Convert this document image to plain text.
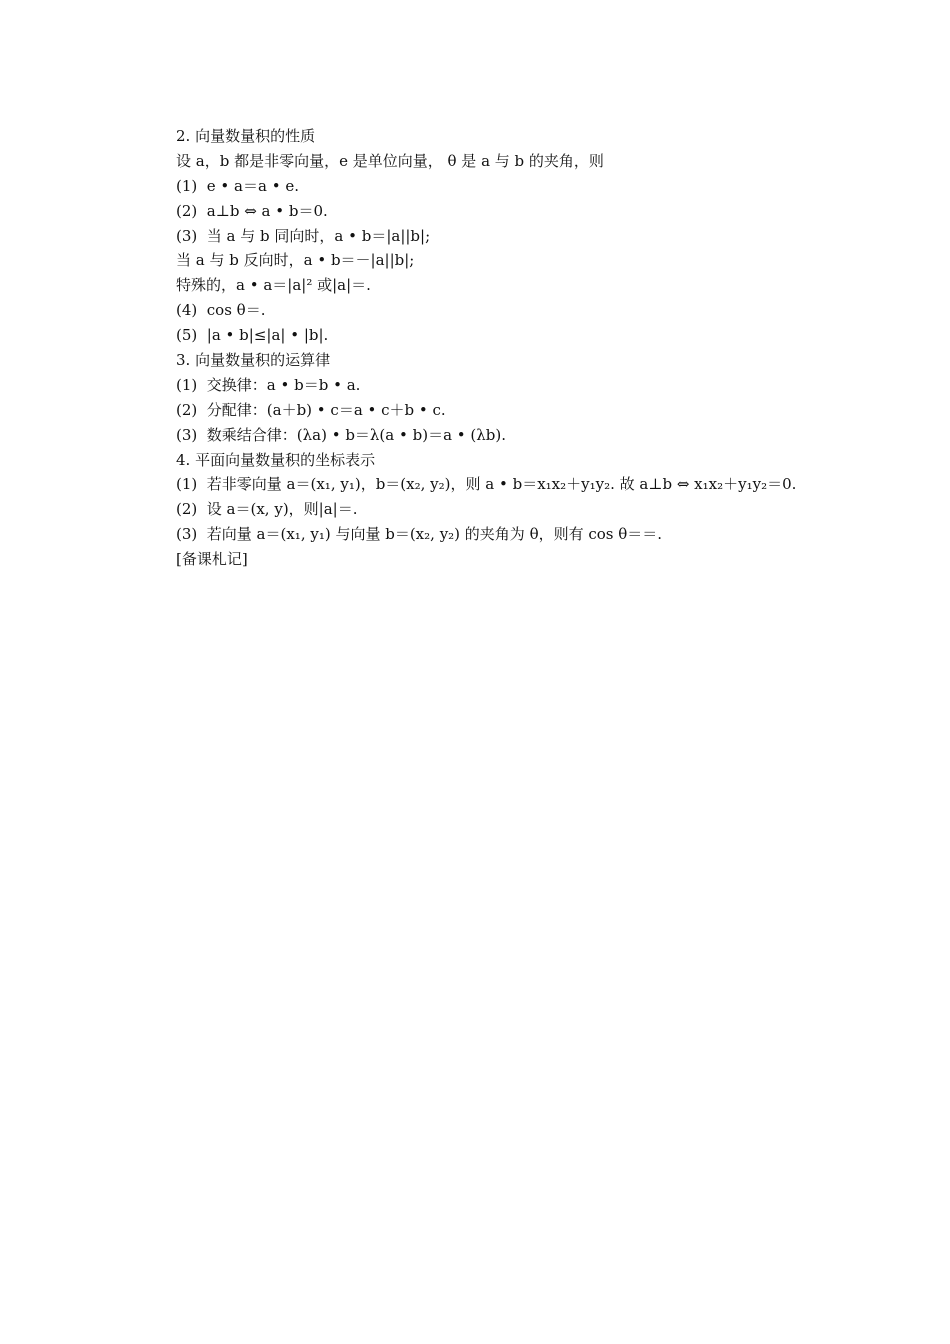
2. 向量数量积的性质
设 a，b 都是非零向量，e 是单位向量， θ 是 a 与 b 的夹角，则
(1)  e • a＝a • e.
(2)  a⊥b ⇔ a • b＝0.
(3)  当 a 与 b 同向时，a • b＝|a||b|;
当 a 与 b 反向时，a • b＝－|a||b|;
特殊的，a • a＝|a|² 或|a|＝.
(4)  cos θ＝.
(5)  |a • b|≤|a| • |b|.
3. 向量数量积的运算律
(1)  交换律：a • b＝b • a.
(2)  分配律：(a＋b) • c＝a • c＋b • c.
(3)  数乘结合律：(λa) • b＝λ(a • b)＝a • (λb).
4. 平面向量数量积的坐标表示
(1)  若非零向量 a＝(x₁, y₁)，b＝(x₂, y₂)，则 a • b＝x₁x₂＋y₁y₂. 故 a⊥b ⇔ x₁x₂＋y₁y₂＝0.
(2)  设 a＝(x, y)，则|a|＝.
(3)  若向量 a＝(x₁, y₁) 与向量 b＝(x₂, y₂) 的夹角为 θ，则有 cos θ＝＝.
[备课札记]
